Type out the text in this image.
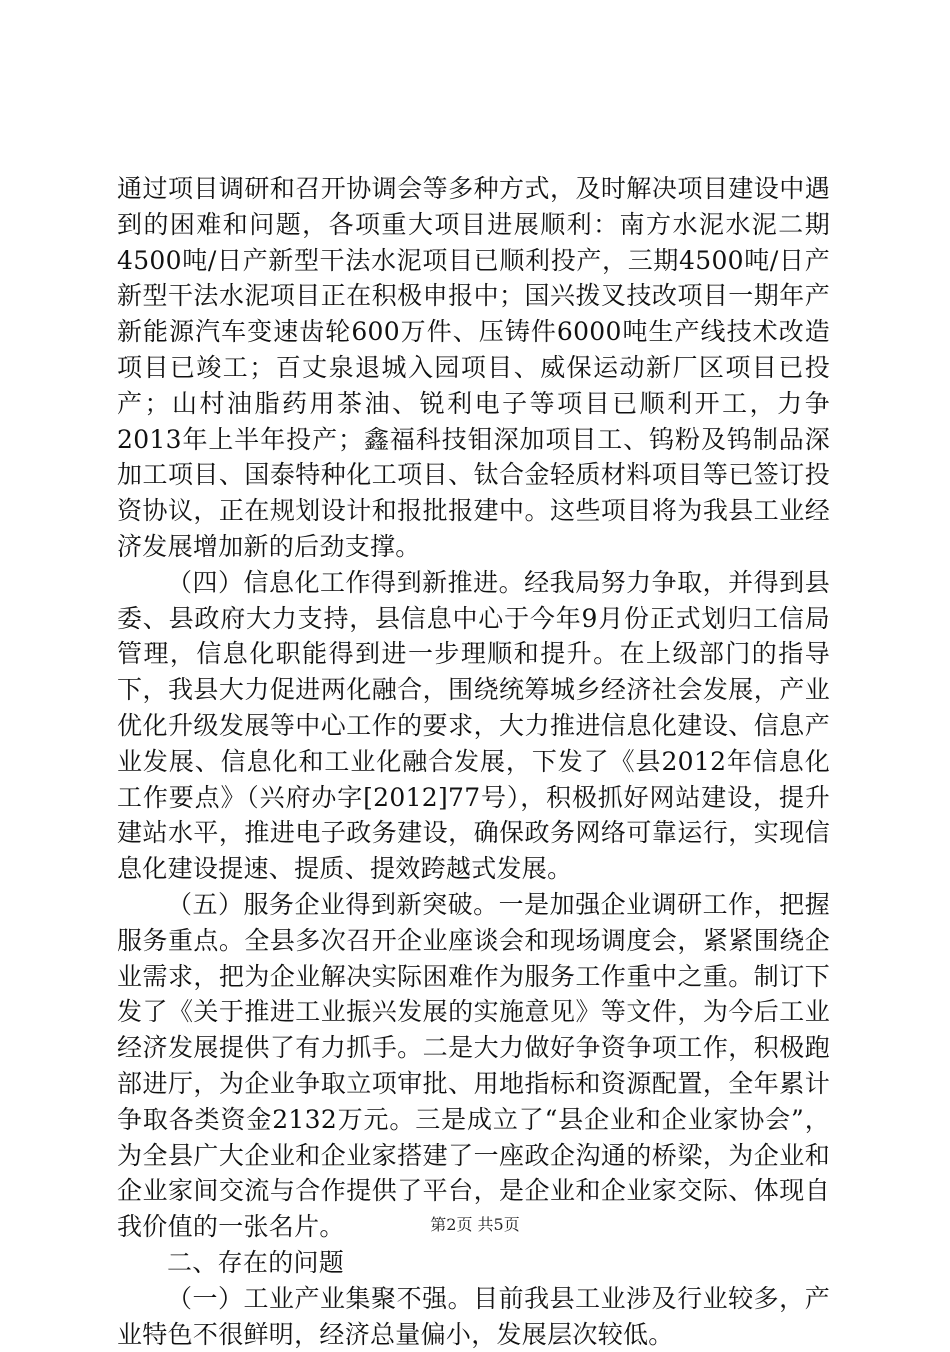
通过项目调研和召开协调会等多种方式，及时解决项目建设中遇到的困难和问题，各项重大项目进展顺利：南方水泥水泥二期4500吨/日产新型干法水泥项目已顺利投产，三期4500吨/日产新型干法水泥项目正在积极申报中；国兴拨叉技改项目一期年产新能源汽车变速齿轮600万件、压铸件6000吨生产线技术改造项目已竣工；百丈泉退城入园项目、威保运动新厂区项目已投产；山村油脂药用茶油、锐利电子等项目已顺利开工，力争2013年上半年投产；鑫福科技钼深加项目工、钨粉及钨制品深加工项目、国泰特种化工项目、钛合金轻质材料项目等已签订投资协议，正在规划设计和报批报建中。这些项目将为我县工业经济发展增加新的后劲支撑。

（四）信息化工作得到新推进。经我局努力争取，并得到县委、县政府大力支持，县信息中心于今年9月份正式划归工信局管理，信息化职能得到进一步理顺和提升。在上级部门的指导下，我县大力促进两化融合，围绕统筹城乡经济社会发展，产业优化升级发展等中心工作的要求，大力推进信息化建设、信息产业发展、信息化和工业化融合发展，下发了《县2012年信息化工作要点》（兴府办字[2012]77号），积极抓好网站建设，提升建站水平，推进电子政务建设，确保政务网络可靠运行，实现信息化建设提速、提质、提效跨越式发展。

（五）服务企业得到新突破。一是加强企业调研工作，把握服务重点。全县多次召开企业座谈会和现场调度会，紧紧围绕企业需求，把为企业解决实际困难作为服务工作重中之重。制订下发了《关于推进工业振兴发展的实施意见》等文件，为今后工业经济发展提供了有力抓手。二是大力做好争资争项工作，积极跑部进厅，为企业争取立项审批、用地指标和资源配置，全年累计争取各类资金2132万元。三是成立了“县企业和企业家协会”，为全县广大企业和企业家搭建了一座政企沟通的桥梁，为企业和企业家间交流与合作提供了平台，是企业和企业家交际、体现自我价值的一张名片。

二、存在的问题

（一）工业产业集聚不强。目前我县工业涉及行业较多，产业特色不很鲜明，经济总量偏小，发展层次较低。

第2页 共5页
